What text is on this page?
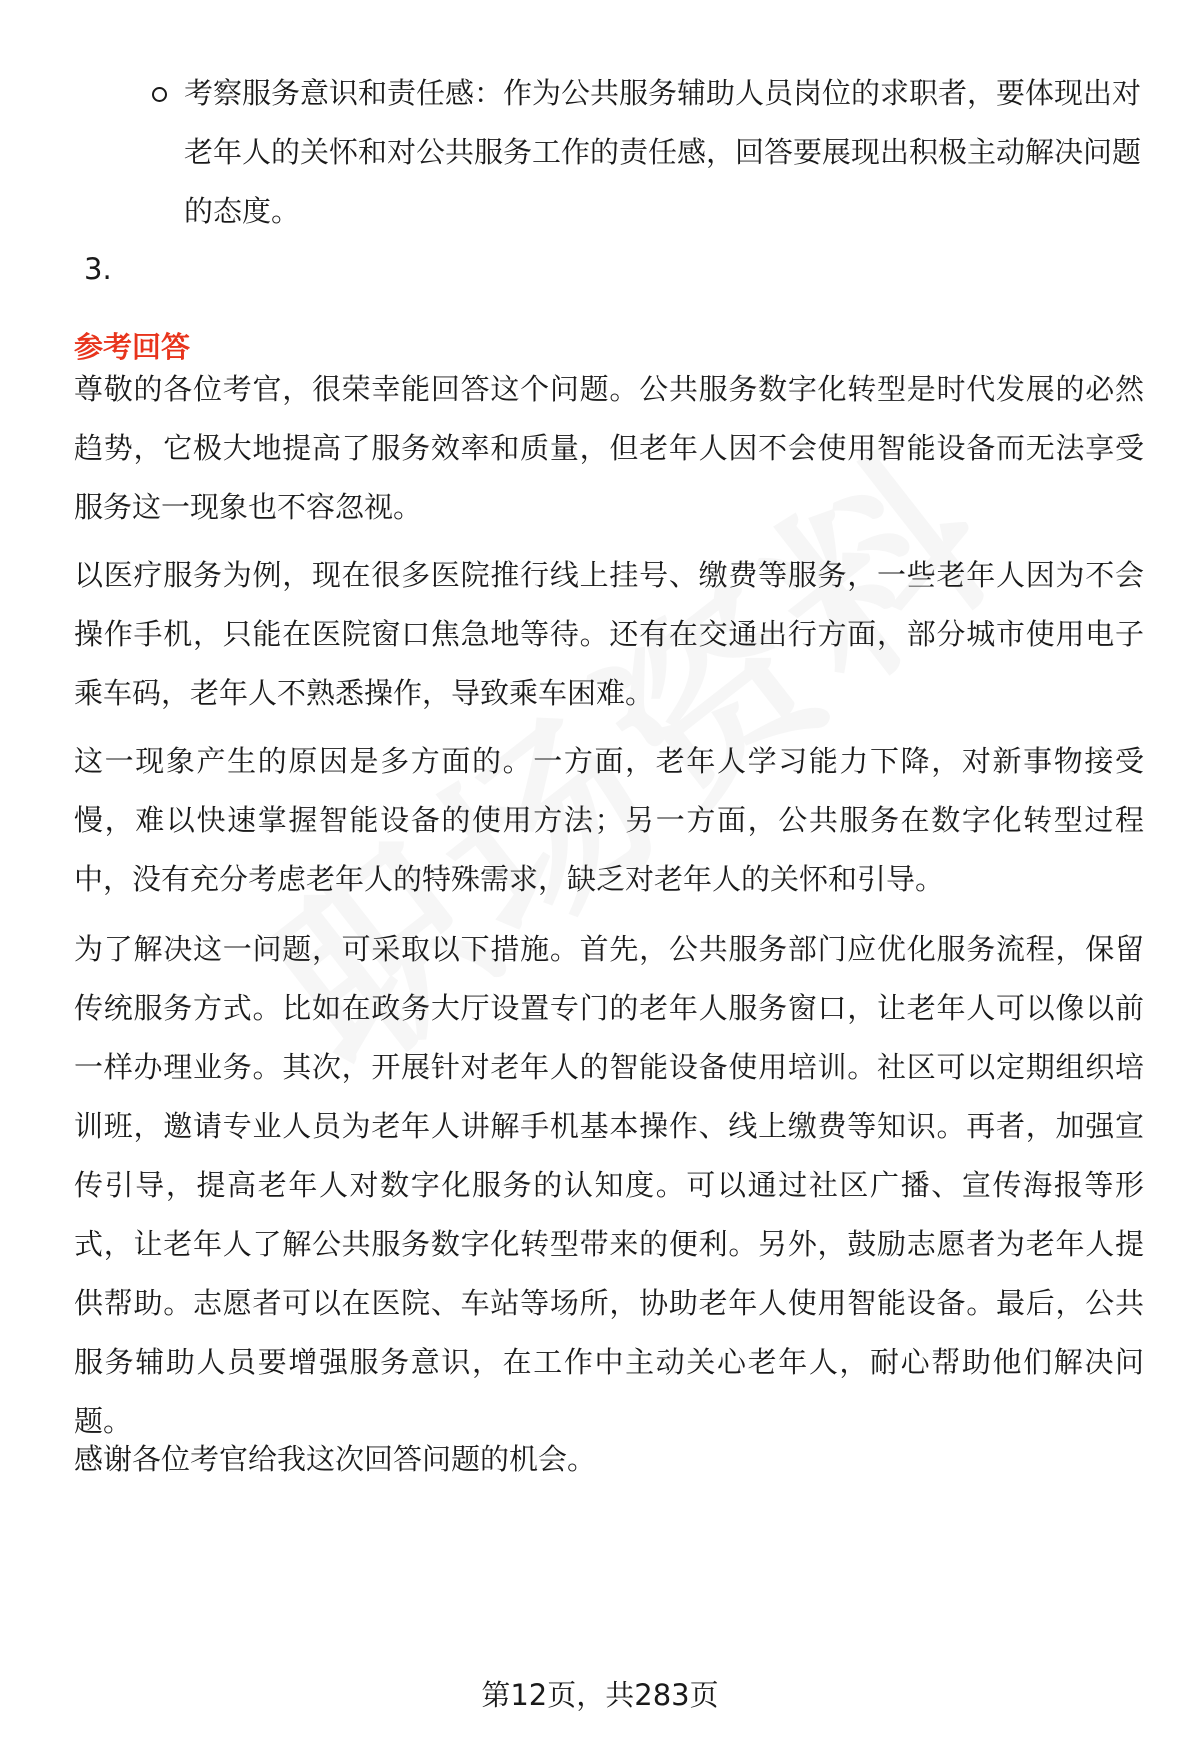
考察服务意识和责任感：作为公共服务辅助人员岗位的求职者，要体现出对老年人的关怀和对公共服务工作的责任感，回答要展现出积极主动解决问题的态度。
3.
参考回答

尊敬的各位考官，很荣幸能回答这个问题。公共服务数字化转型是时代发展的必然趋势，它极大地提高了服务效率和质量，但老年人因不会使用智能设备而无法享受服务这一现象也不容忽视。

以医疗服务为例，现在很多医院推行线上挂号、缴费等服务，一些老年人因为不会操作手机，只能在医院窗口焦急地等待。还有在交通出行方面，部分城市使用电子乘车码，老年人不熟悉操作，导致乘车困难。

这一现象产生的原因是多方面的。一方面，老年人学习能力下降，对新事物接受慢，难以快速掌握智能设备的使用方法；另一方面，公共服务在数字化转型过程中，没有充分考虑老年人的特殊需求，缺乏对老年人的关怀和引导。

为了解决这一问题，可采取以下措施。首先，公共服务部门应优化服务流程，保留传统服务方式。比如在政务大厅设置专门的老年人服务窗口，让老年人可以像以前一样办理业务。其次，开展针对老年人的智能设备使用培训。社区可以定期组织培训班，邀请专业人员为老年人讲解手机基本操作、线上缴费等知识。再者，加强宣传引导，提高老年人对数字化服务的认知度。可以通过社区广播、宣传海报等形式，让老年人了解公共服务数字化转型带来的便利。另外，鼓励志愿者为老年人提供帮助。志愿者可以在医院、车站等场所，协助老年人使用智能设备。最后，公共服务辅助人员要增强服务意识，在工作中主动关心老年人，耐心帮助他们解决问题。

感谢各位考官给我这次回答问题的机会。

第12页，共283页
